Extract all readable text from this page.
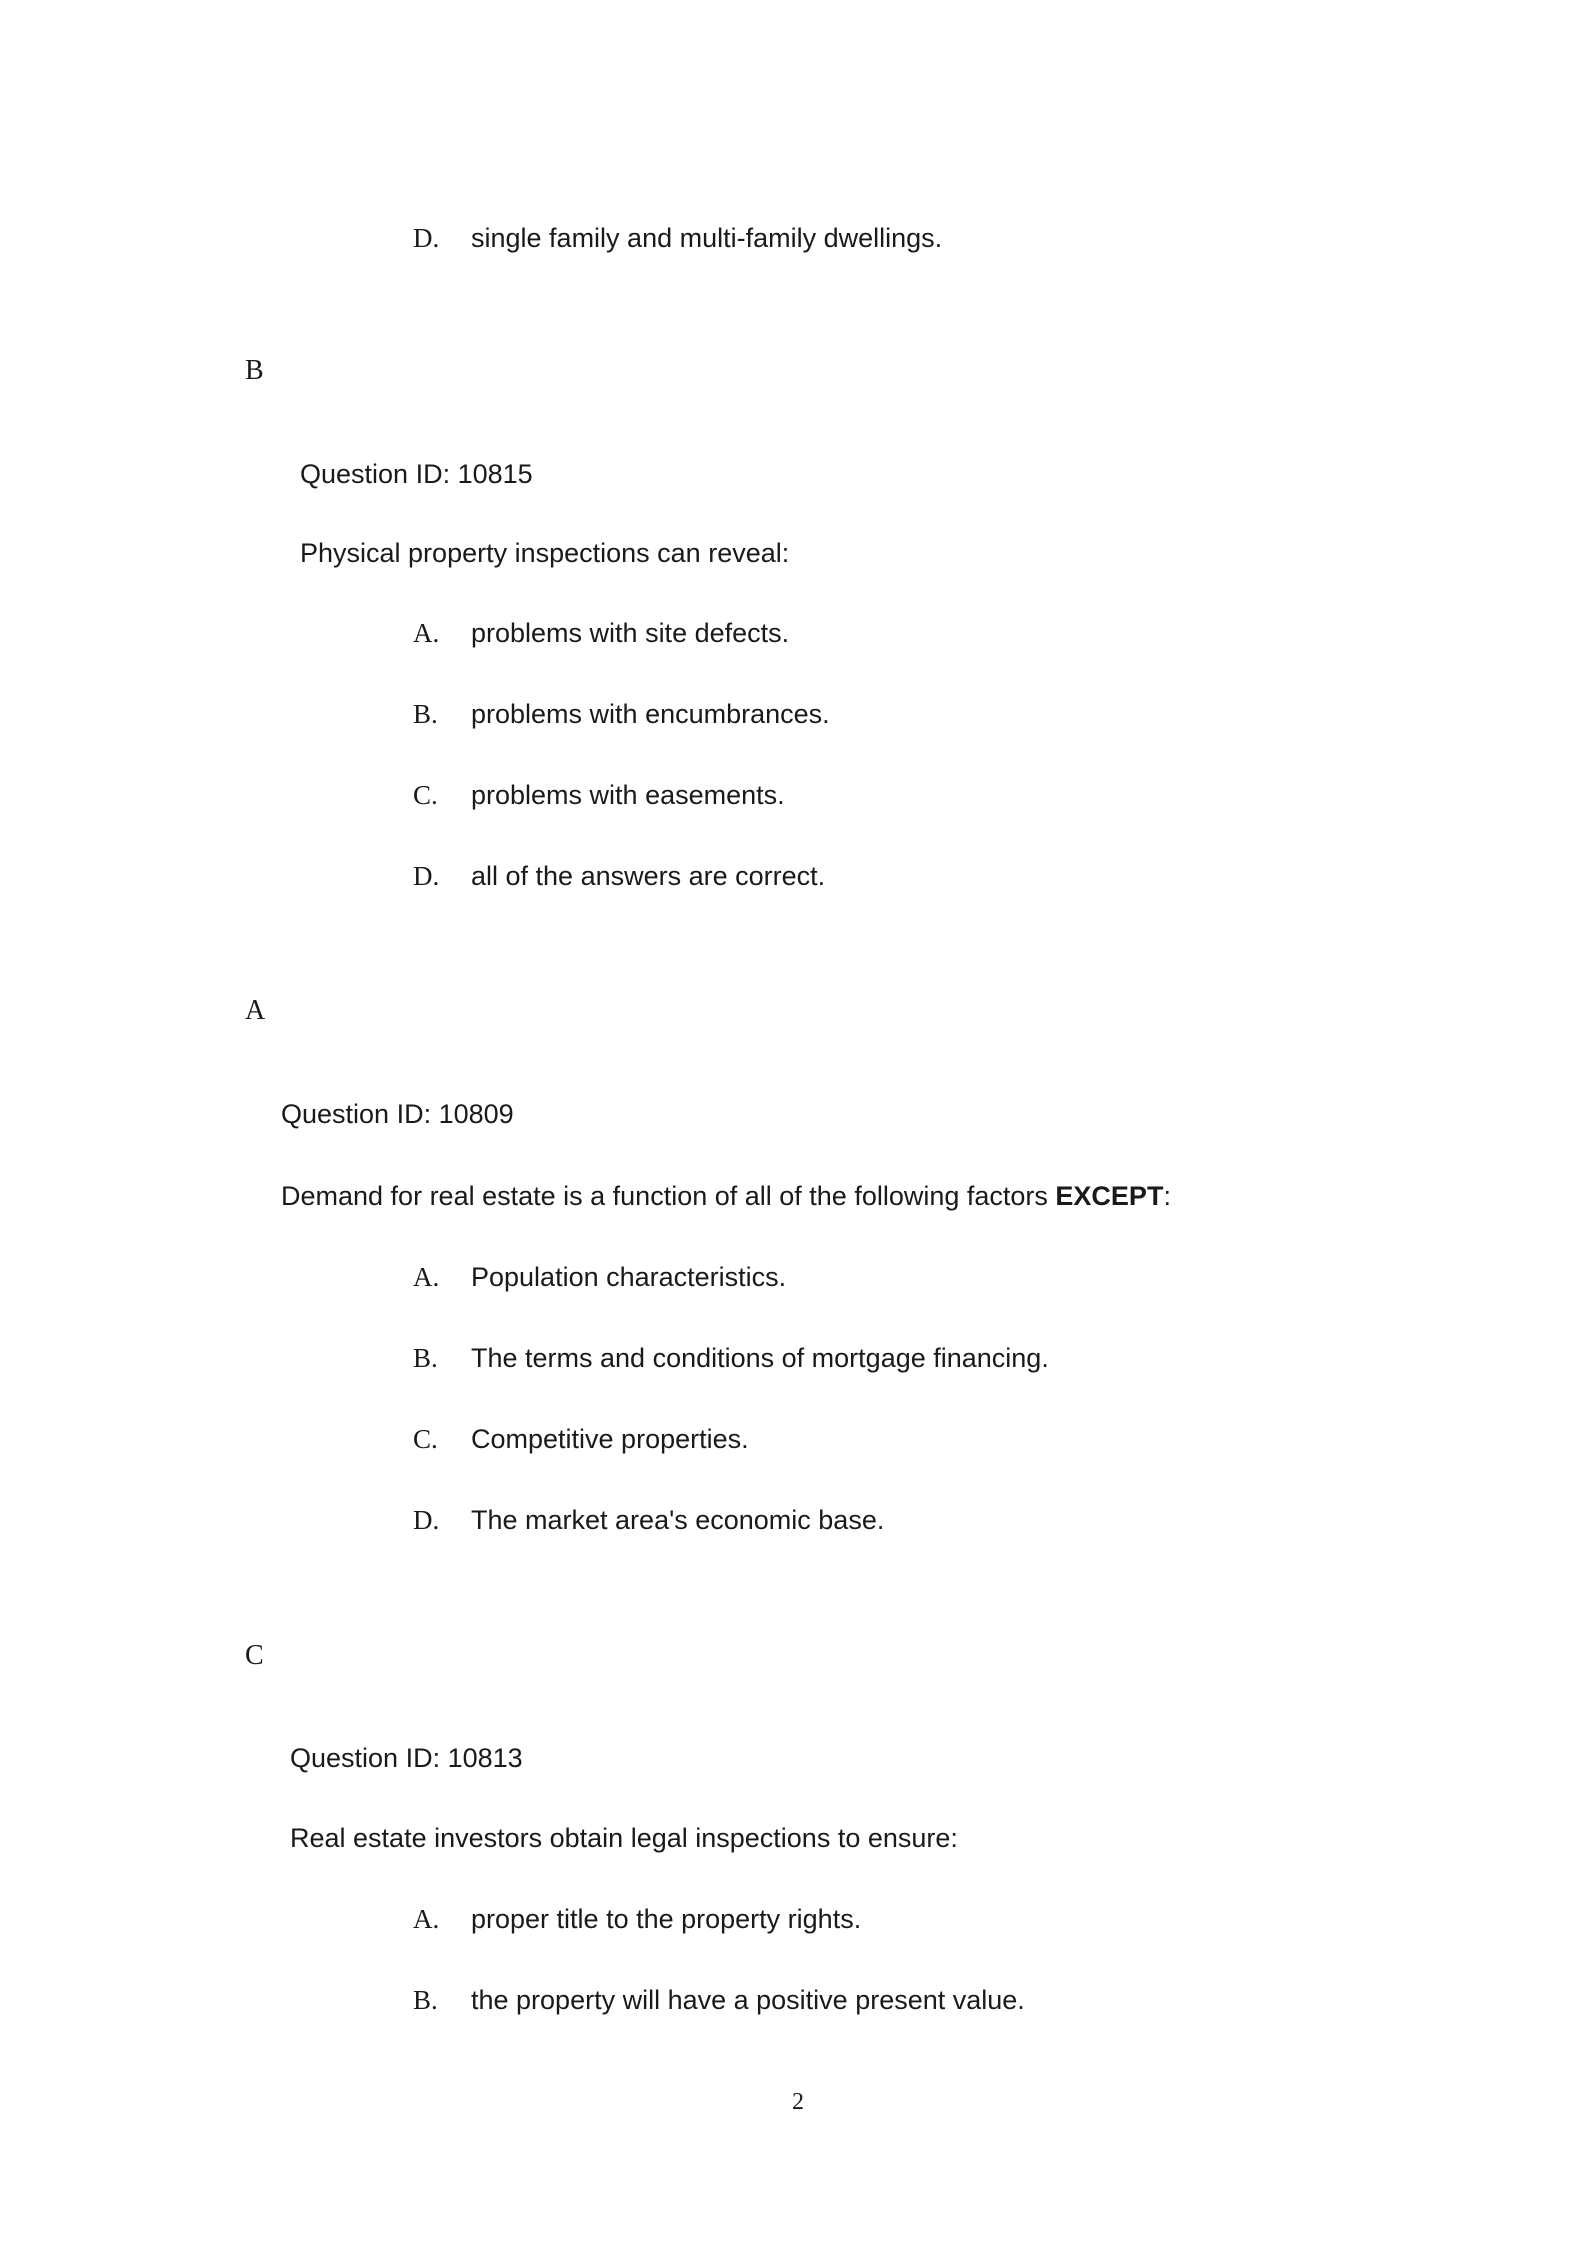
D.	single family and multi-family dwellings.
B
Question ID: 10815
Physical property inspections can reveal:
A.	problems with site defects.
B.	problems with encumbrances.
C.	problems with easements.
D.	all of the answers are correct.
A
Question ID: 10809
Demand for real estate is a function of all of the following factors EXCEPT:
A.	Population characteristics.
B.	The terms and conditions of mortgage financing.
C.	Competitive properties.
D.	The market area's economic base.
C
Question ID: 10813
Real estate investors obtain legal inspections to ensure:
A.	proper title to the property rights.
B.	the property will have a positive present value.
2
